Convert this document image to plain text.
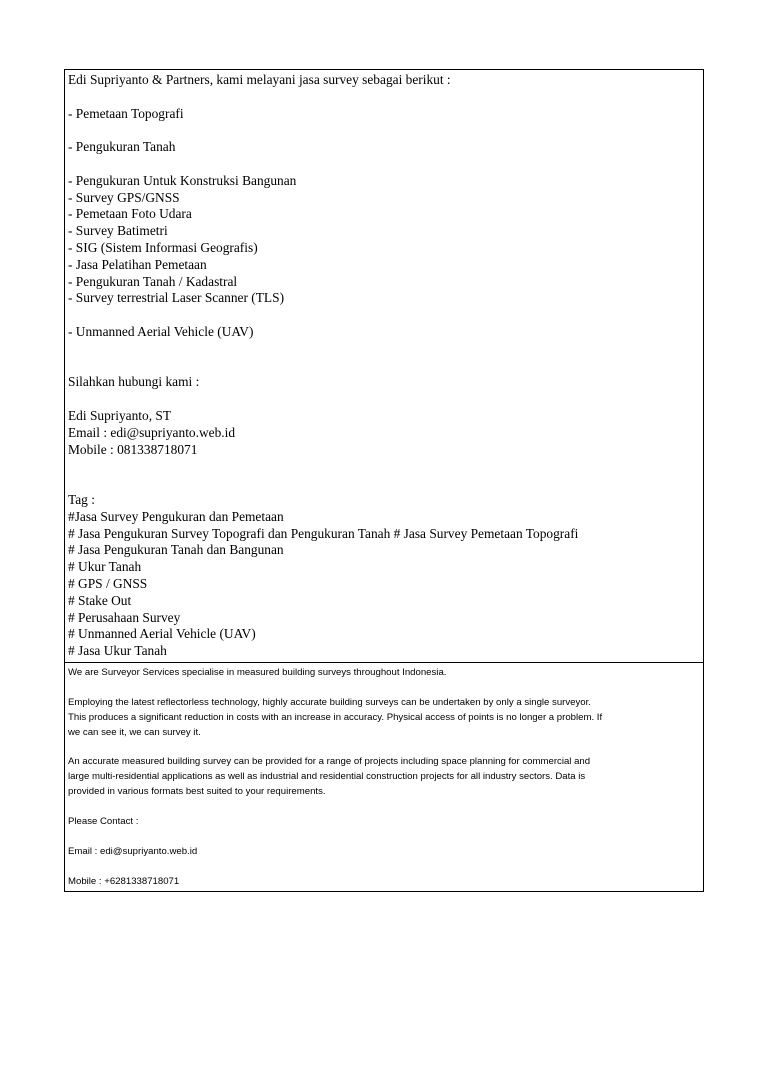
Edi Supriyanto & Partners, kami melayani jasa survey sebagai berikut :
- Pemetaan Topografi
- Pengukuran Tanah
- Pengukuran Untuk Konstruksi Bangunan
- Survey GPS/GNSS
- Pemetaan Foto Udara
- Survey Batimetri
- SIG (Sistem Informasi Geografis)
- Jasa Pelatihan Pemetaan
- Pengukuran Tanah / Kadastral
- Survey terrestrial Laser Scanner (TLS)
- Unmanned Aerial Vehicle (UAV)
Silahkan hubungi kami :
Edi Supriyanto, ST
Email : edi@supriyanto.web.id
Mobile : 081338718071
Tag :
#Jasa Survey Pengukuran dan Pemetaan
# Jasa Pengukuran Survey Topografi dan Pengukuran Tanah # Jasa Survey Pemetaan Topografi
# Jasa Pengukuran Tanah dan Bangunan
# Ukur Tanah
# GPS / GNSS
# Stake Out
# Perusahaan Survey
# Unmanned Aerial Vehicle (UAV)
# Jasa Ukur Tanah
We are Surveyor Services specialise in measured building surveys throughout Indonesia.
Employing the latest reflectorless technology, highly accurate building surveys can be undertaken by only a single surveyor.
This produces a significant reduction in costs with an increase in accuracy. Physical access of points is no longer a problem. If
we can see it, we can survey it.
An accurate measured building survey can be provided for a range of projects including space planning for commercial and
large multi-residential applications as well as industrial and residential construction projects for all industry sectors. Data is
provided in various formats best suited to your requirements.
Please Contact :
Email : edi@supriyanto.web.id
Mobile : +6281338718071
